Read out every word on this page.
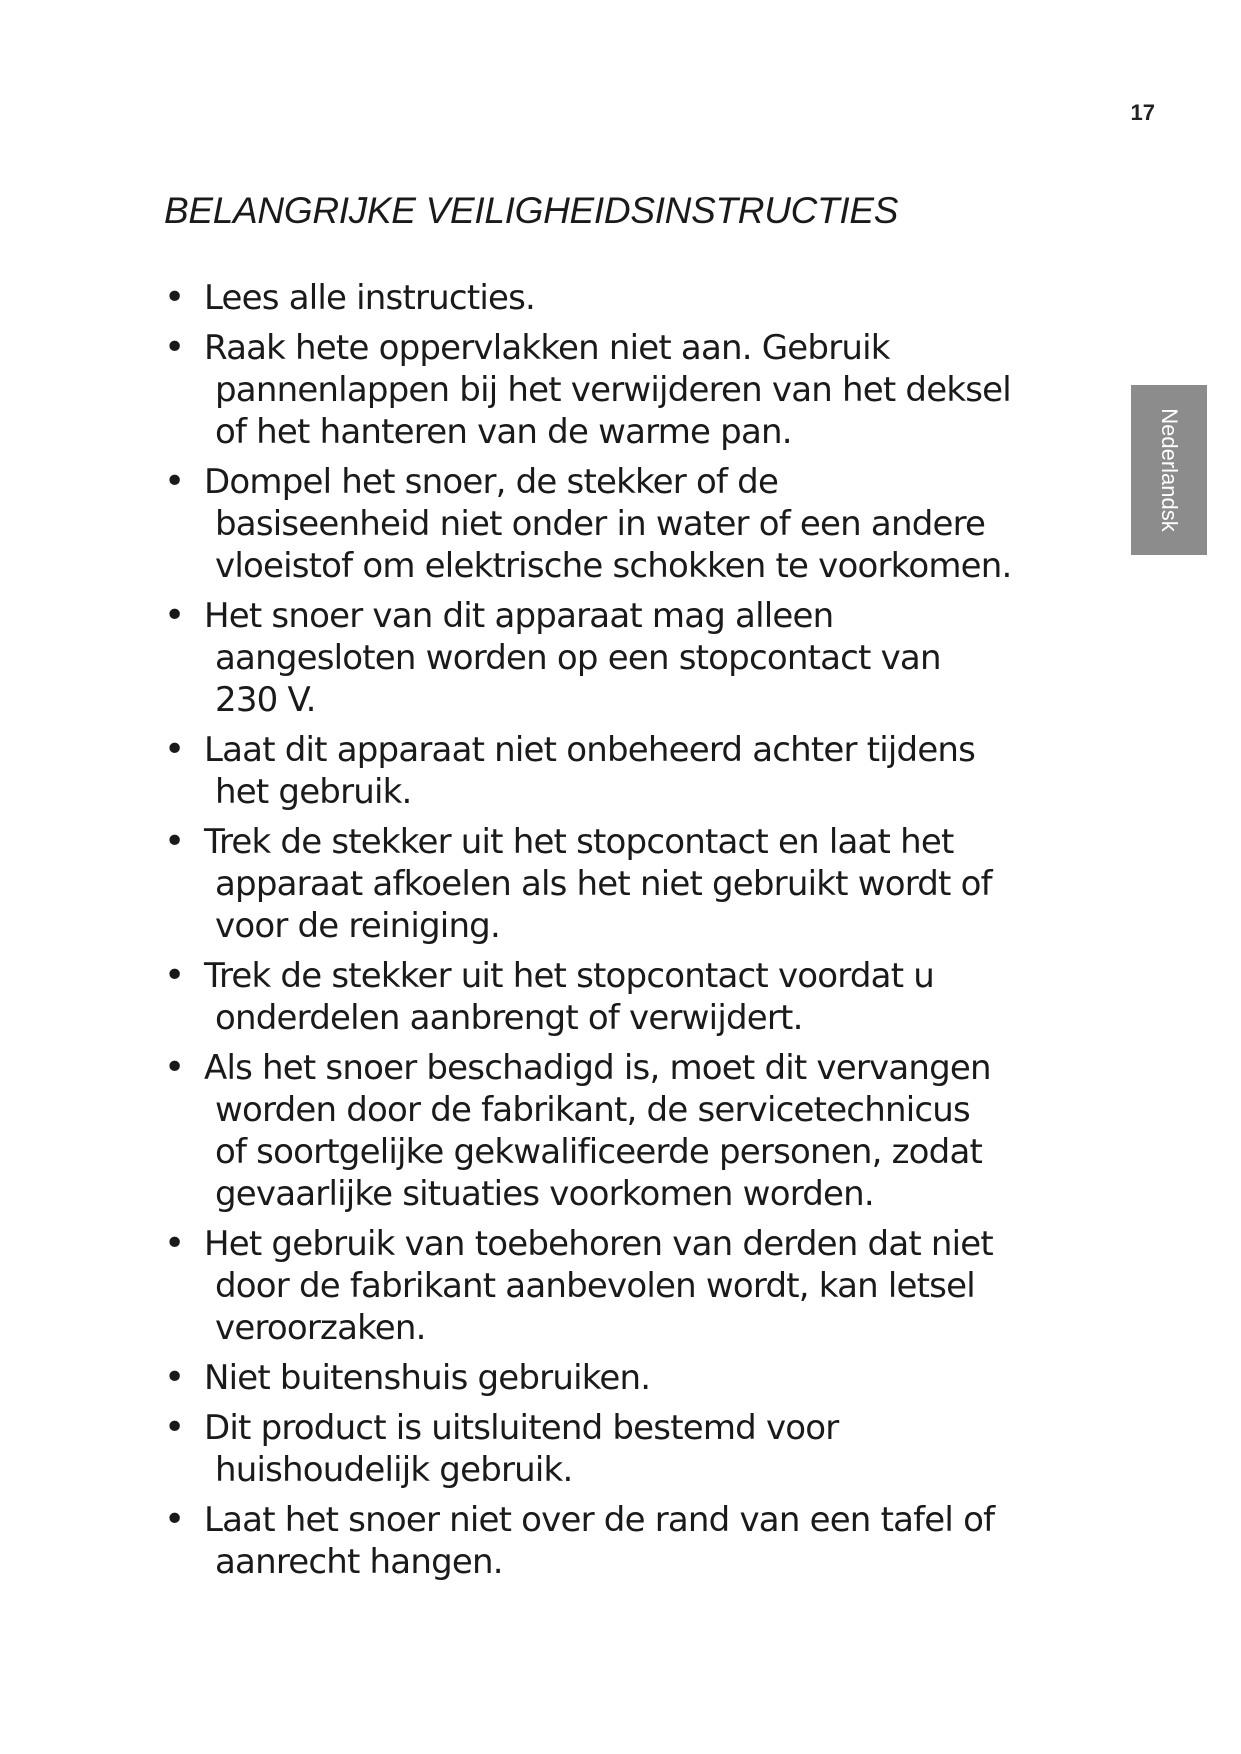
17
Nederlandsk
BELANGRIJKE VEILIGHEIDSINSTRUCTIES
• Lees alle instructies.
• Raak hete oppervlakken niet aan. Gebruik
pannenlappen bij het verwijderen van het deksel
of het hanteren van de warme pan.
• Dompel het snoer, de stekker of de
basiseenheid niet onder in water of een andere
vloeistof om elektrische schokken te voorkomen.
• Het snoer van dit apparaat mag alleen
aangesloten worden op een stopcontact van
230 V.
• Laat dit apparaat niet onbeheerd achter tijdens
het gebruik.
• Trek de stekker uit het stopcontact en laat het
apparaat afkoelen als het niet gebruikt wordt of
voor de reiniging.
• Trek de stekker uit het stopcontact voordat u
onderdelen aanbrengt of verwijdert.
• Als het snoer beschadigd is, moet dit vervangen
worden door de fabrikant, de servicetechnicus
of soortgelijke gekwalificeerde personen, zodat
gevaarlijke situaties voorkomen worden.
• Het gebruik van toebehoren van derden dat niet
door de fabrikant aanbevolen wordt, kan letsel
veroorzaken.
• Niet buitenshuis gebruiken.
• Dit product is uitsluitend bestemd voor
huishoudelijk gebruik.
• Laat het snoer niet over de rand van een tafel of
aanrecht hangen.
